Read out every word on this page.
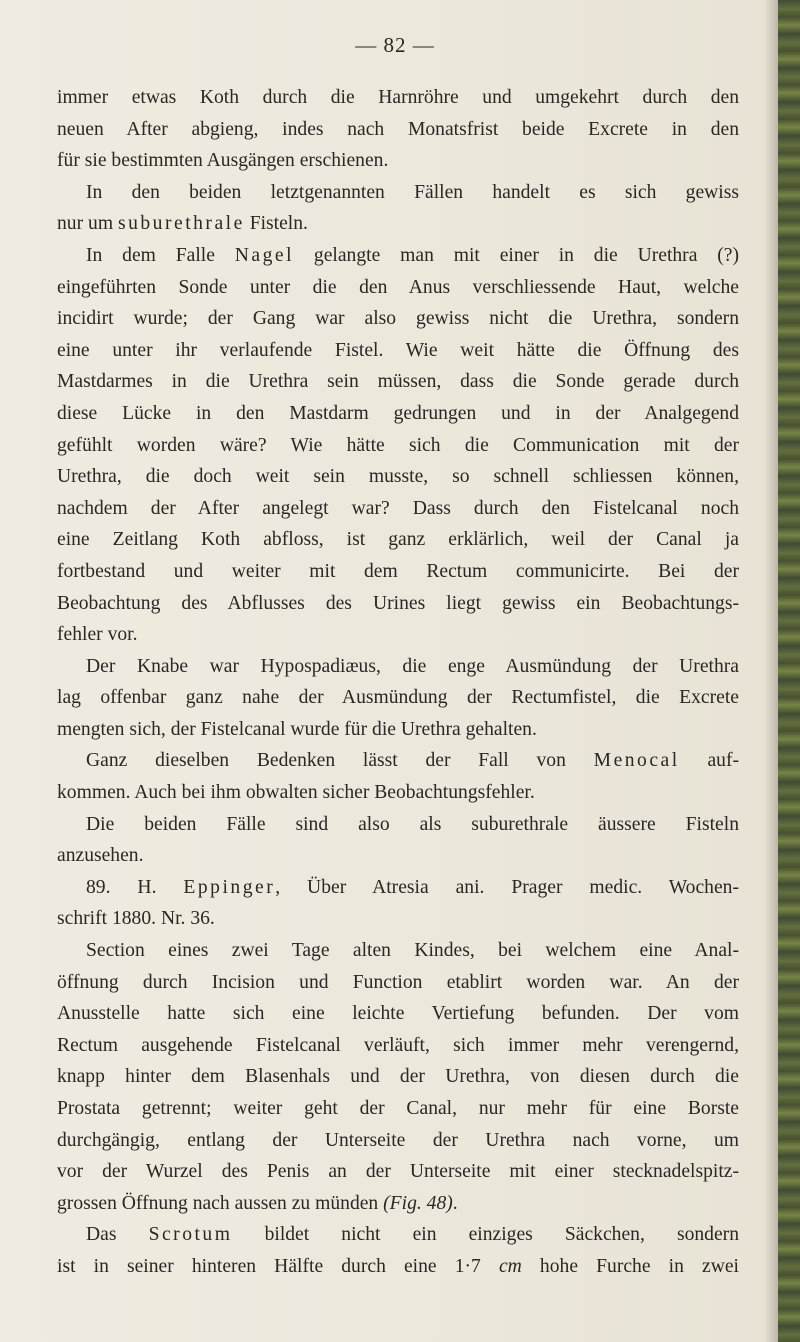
— 82 —
immer etwas Koth durch die Harnröhre und umgekehrt durch den
neuen After abgieng, indes nach Monatsfrist beide Excrete in den
für sie bestimmten Ausgängen erschienen.
In den beiden letztgenannten Fällen handelt es sich gewiss
nur um suburethrale Fisteln.
In dem Falle Nagel gelangte man mit einer in die Urethra (?)
eingeführten Sonde unter die den Anus verschliessende Haut, welche
incidirt wurde; der Gang war also gewiss nicht die Urethra, sondern
eine unter ihr verlaufende Fistel. Wie weit hätte die Öffnung des
Mastdarmes in die Urethra sein müssen, dass die Sonde gerade durch
diese Lücke in den Mastdarm gedrungen und in der Analgegend
gefühlt worden wäre? Wie hätte sich die Communication mit der
Urethra, die doch weit sein musste, so schnell schliessen können,
nachdem der After angelegt war? Dass durch den Fistelcanal noch
eine Zeitlang Koth abfloss, ist ganz erklärlich, weil der Canal ja
fortbestand und weiter mit dem Rectum communicirte. Bei der
Beobachtung des Abflusses des Urines liegt gewiss ein Beobachtungs-
fehler vor.
Der Knabe war Hypospadiæus, die enge Ausmündung der Urethra
lag offenbar ganz nahe der Ausmündung der Rectumfistel, die Excrete
mengten sich, der Fistelcanal wurde für die Urethra gehalten.
Ganz dieselben Bedenken lässt der Fall von Menocal auf-
kommen. Auch bei ihm obwalten sicher Beobachtungsfehler.
Die beiden Fälle sind also als suburethrale äussere Fisteln
anzusehen.
89. H. Eppinger, Über Atresia ani. Prager medic. Wochen-
schrift 1880. Nr. 36.
Section eines zwei Tage alten Kindes, bei welchem eine Anal-
öffnung durch Incision und Function etablirt worden war. An der
Anusstelle hatte sich eine leichte Vertiefung befunden. Der vom
Rectum ausgehende Fistelcanal verläuft, sich immer mehr verengernd,
knapp hinter dem Blasenhals und der Urethra, von diesen durch die
Prostata getrennt; weiter geht der Canal, nur mehr für eine Borste
durchgängig, entlang der Unterseite der Urethra nach vorne, um
vor der Wurzel des Penis an der Unterseite mit einer stecknadelspitz-
grossen Öffnung nach aussen zu münden (Fig. 48).
Das Scrotum bildet nicht ein einziges Säckchen, sondern
ist in seiner hinteren Hälfte durch eine 1·7 cm hohe Furche in zwei
